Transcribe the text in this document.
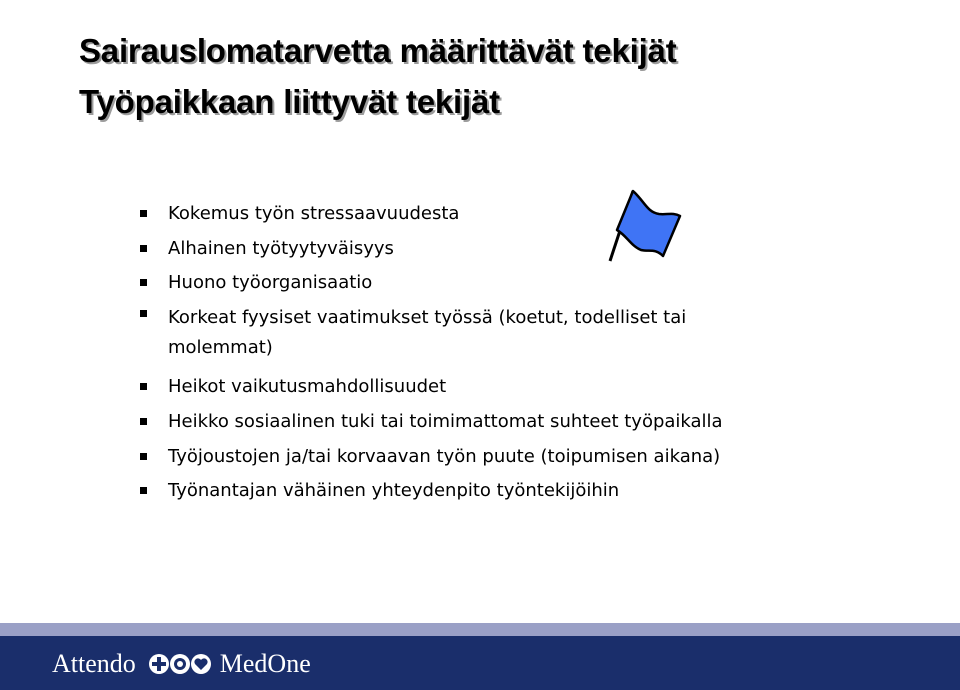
Sairauslomatarvetta määrittävät tekijät
Työpaikkaan liittyvät tekijät
Kokemus työn stressaavuudesta
Alhainen työtyytyväisyys
Huono työorganisaatio
Korkeat fyysiset vaatimukset työssä (koetut, todelliset tai molemmat)
Heikot vaikutusmahdollisuudet
Heikko sosiaalinen tuki tai toimimattomat suhteet työpaikalla
Työjoustojen ja/tai korvaavan työn puute (toipumisen aikana)
Työnantajan vähäinen yhteydenpito työntekijöihin
Attendo	MedOne
